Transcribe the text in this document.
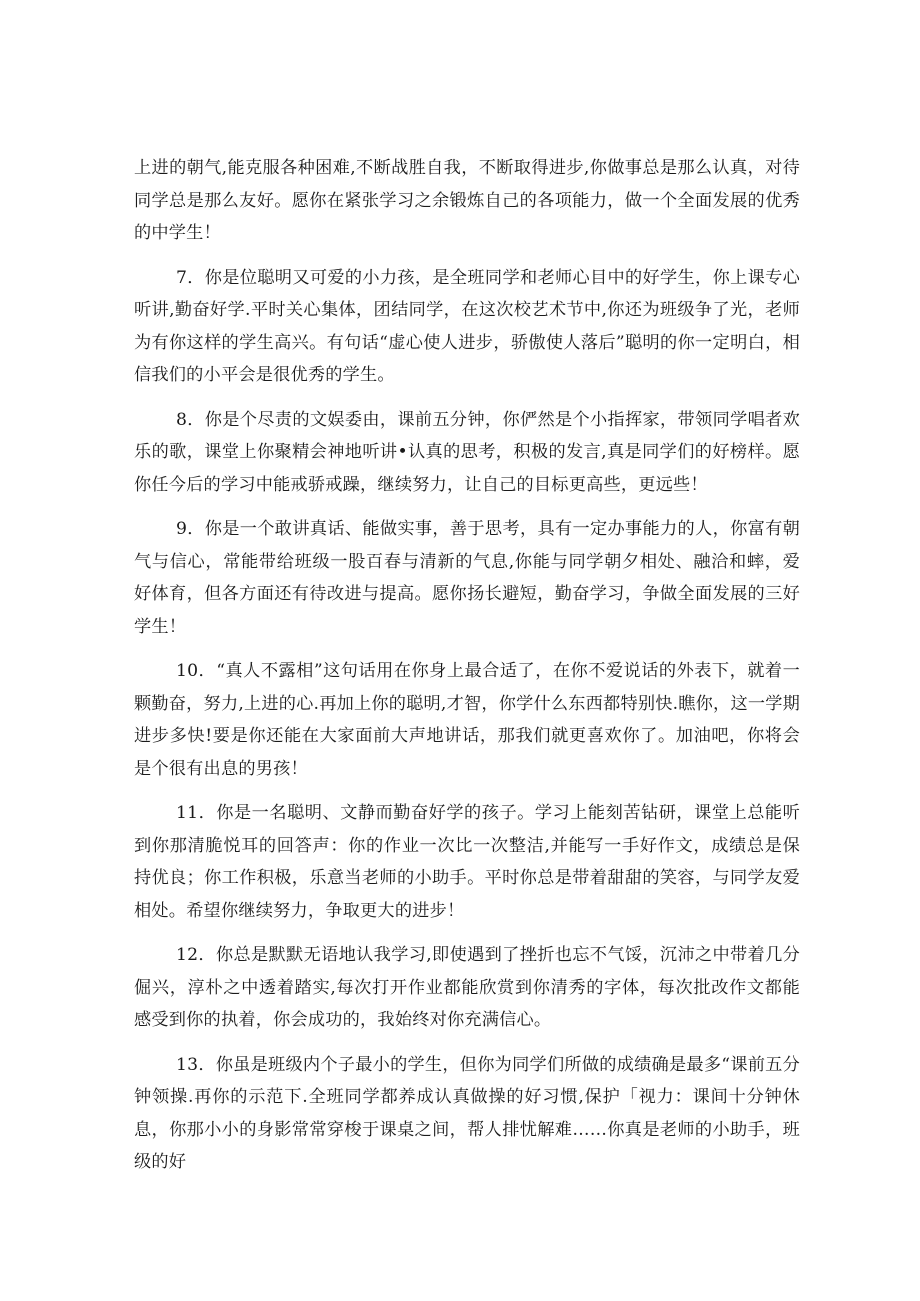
上进的朝气,能克服各种困难,不断战胜自我，不断取得进步,你做事总是那么认真，对待同学总是那么友好。愿你在紧张学习之余锻炼自己的各项能力，做一个全面发展的优秀的中学生！

7．你是位聪明又可爱的小力孩，是全班同学和老师心目中的好学生，你上课专心听讲,勤奋好学.平时关心集体，团结同学，在这次校艺术节中,你还为班级争了光，老师为有你这样的学生高兴。有句话“虚心使人进步，骄傲使人落后”聪明的你一定明白，相信我们的小平会是很优秀的学生。

8．你是个尽责的文娱委由，课前五分钟，你俨然是个小指挥家，带领同学唱者欢乐的歌，课堂上你聚精会神地听讲•认真的思考，积极的发言,真是同学们的好榜样。愿你任今后的学习中能戒骄戒躁，继续努力，让自己的目标更高些，更远些！

9．你是一个敢讲真话、能做实事，善于思考，具有一定办事能力的人，你富有朝气与信心，常能带给班级一股百春与清新的气息,你能与同学朝夕相处、融洽和蟀，爱好体育，但各方面还有待改进与提高。愿你扬长避短，勤奋学习，争做全面发展的三好学生！

10．“真人不露相”这句话用在你身上最合适了，在你不爱说话的外表下，就着一颗勤奋，努力,上进的心.再加上你的聪明,才智，你学什么东西都特别快.瞧你，这一学期进步多快!要是你还能在大家面前大声地讲话，那我们就更喜欢你了。加油吧，你将会是个很有出息的男孩！

11．你是一名聪明、文静而勤奋好学的孩子。学习上能刻苦钻研，课堂上总能听到你那清脆悦耳的回答声：你的作业一次比一次整洁,并能写一手好作文，成绩总是保持优良；你工作积极，乐意当老师的小助手。平时你总是带着甜甜的笑容，与同学友爱相处。希望你继续努力，争取更大的进步！

12．你总是默默无语地认我学习,即使遇到了挫折也忘不气馁，沉沛之中带着几分倔兴，淳朴之中透着踏实,每次打开作业都能欣赏到你清秀的字体，每次批改作文都能感受到你的执着，你会成功的，我始终对你充满信心。

13．你虽是班级内个子最小的学生，但你为同学们所做的成绩确是最多“课前五分钟领操.再你的示范下.全班同学都养成认真做操的好习惯,保护「视力：课间十分钟休息，你那小小的身影常常穿梭于课桌之间，帮人排忧解难……你真是老师的小助手，班级的好
